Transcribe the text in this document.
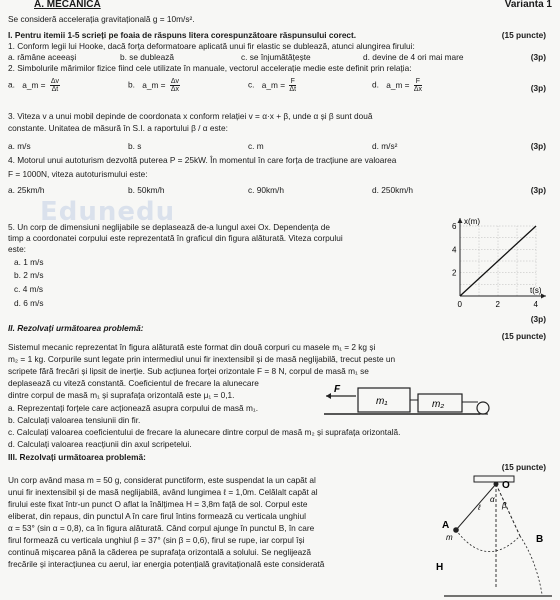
A. MECANICA	Varianta 1
Se consideră accelerația gravitațională g = 10m/s².
I. Pentru itemii 1-5 scrieți pe foaia de răspuns litera corespunzătoare răspunsului corect.	(15 puncte)
1. Conform legii lui Hooke, dacă forța deformatoare aplicată unui fir elastic se dublează, atunci alungirea firului:
a. rămâne aceeași	b. se dublează	c. se înjumătățește	d. devine de 4 ori mai mare	(3p)
2. Simbolurile mărimilor fizice fiind cele utilizate în manuale, vectorul accelerație medie este definit prin relația:
a. a_m = $\frac{\Delta v}{\Delta t}$	b. a_m = $\frac{\Delta v}{\Delta x}$	c. a_m = $\frac{F}{\Delta t}$	d. a_m = $\frac{F}{\Delta x}$	(3p)
3. Viteza v a unui mobil depinde de coordonata x conform relației v = α·x + β, unde α și β sunt două
constante. Unitatea de măsură în S.I. a raportului β / α este:
a. m/s	b. s	c. m	d. m/s²	(3p)
4. Motorul unui autoturism dezvoltă puterea P = 25kW. În momentul în care forța de tracțiune are valoarea
F = 1000N, viteza autoturismului este:
a. 25km/h	b. 50km/h	c. 90km/h	d. 250km/h	(3p)
Edunedu
5. Un corp de dimensiuni neglijabile se deplasează de-a lungul axei Ox. Dependența de
timp a coordonatei corpului este reprezentată în graficul din figura alăturată. Viteza corpului
este:
a. 1 m/s
b. 2 m/s
c. 4 m/s
d. 6 m/s
(3p)
x(m)
t(s)
2
4
6
0	2	4
II. Rezolvați următoarea problemă:
(15 puncte)
Sistemul mecanic reprezentat în figura alăturată este format din două corpuri cu masele m₁ = 2 kg și
m₂ = 1 kg. Corpurile sunt legate prin intermediul unui fir inextensibil și de masă neglijabilă, trecut peste un
scripete fără frecări și lipsit de inerție. Sub acțiunea forței orizontale F = 8 N, corpul de masă m₁ se
deplasează cu viteză constantă. Coeficientul de frecare la alunecare
dintre corpul de masă m₁ și suprafața orizontală este μ₁ = 0,1.
a. Reprezentați forțele care acționează asupra corpului de masă m₁.
b. Calculați valoarea tensiunii din fir.
c. Calculați valoarea coeficientului de frecare la alunecare dintre corpul de masă m₂ și suprafața orizontală.
d. Calculați valoarea reacțiunii din axul scripetelui.
F
m₁	m₂
III. Rezolvați următoarea problemă:
(15 puncte)
Un corp având masa m = 50 g, considerat punctiform, este suspendat la un capăt al
unui fir inextensibil și de masă neglijabilă, având lungimea ℓ = 1,0m. Celălalt capăt al
firului este fixat într-un punct O aflat la înălțimea H = 3,8m față de sol. Corpul este
eliberat, din repaus, din punctul A în care firul întins formează cu verticala unghiul
α = 53° (sin α = 0,8), ca în figura alăturată. Când corpul ajunge în punctul B, în care
firul formează cu verticala unghiul β = 37° (sin β = 0,6), firul se rupe, iar corpul își
continuă mișcarea până la căderea pe suprafața orizontală a solului. Se neglijează
frecările și interacțiunea cu aerul, iar energia potențială gravitațională este considerată
O
A
m	B
ℓ
α
β
H
